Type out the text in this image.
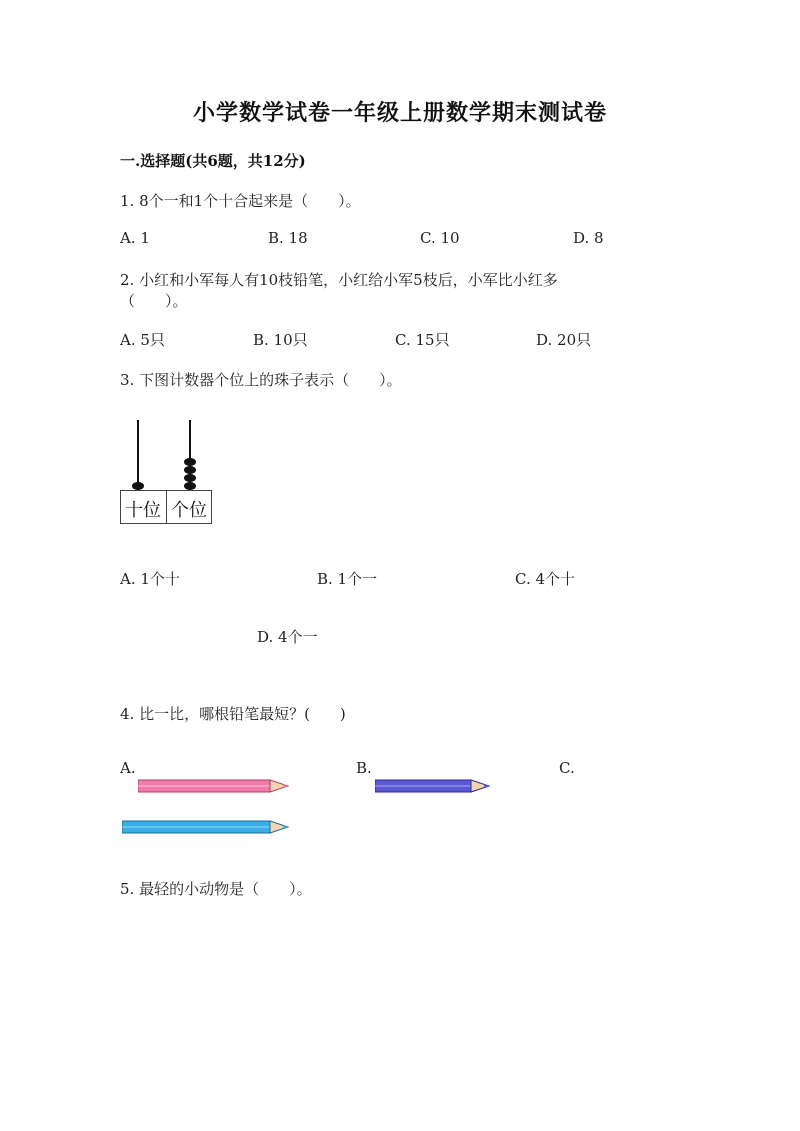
小学数学试卷一年级上册数学期末测试卷
一.选择题(共6题，共12分)
1. 8个一和1个十合起来是（　　）。
A. 1	B. 18	C. 10	D. 8
2. 小红和小军每人有10枝铅笔，小红给小军5枝后，小军比小红多
（　　）。
A. 5只	B. 10只	C. 15只	D. 20只
3. 下图计数器个位上的珠子表示（　　）。
十位 个位
A. 1个十	B. 1个一	C. 4个十
D. 4个一
4. 比一比，哪根铅笔最短？(　　)
A.	B.	C.
5. 最轻的小动物是（　　）。
